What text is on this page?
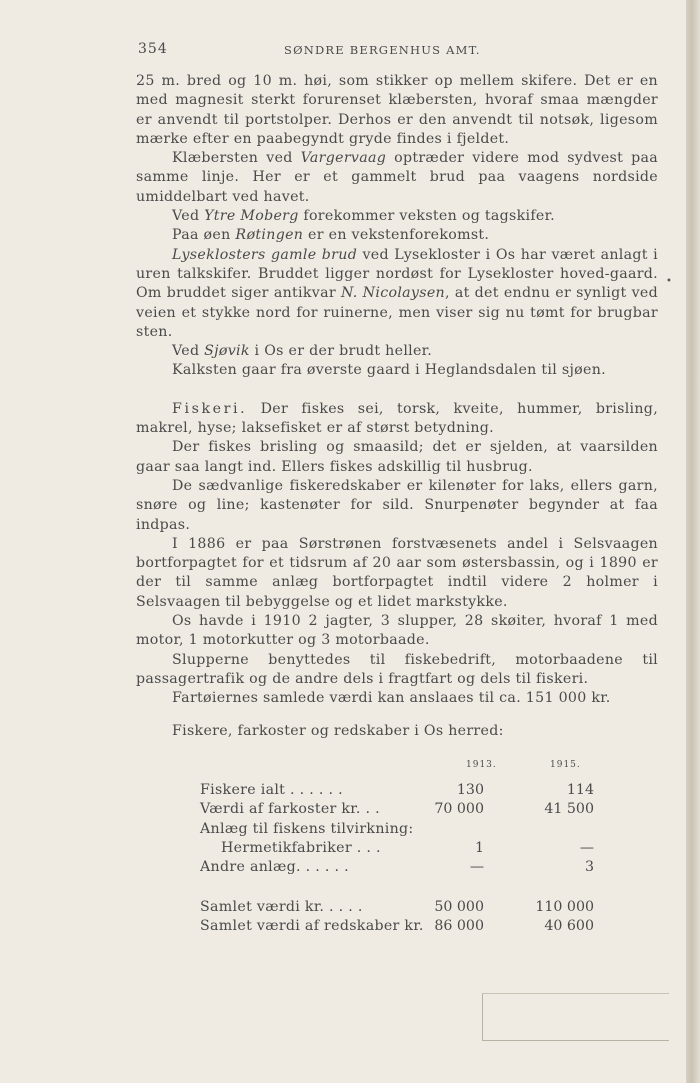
354	SØNDRE BERGENHUS AMT.

25 m. bred og 10 m. høi, som stikker op mellem skifere. Det er en med magnesit sterkt forurenset klæbersten, hvoraf smaa mængder er anvendt til portstolper. Derhos er den anvendt til notsøk, ligesom mærke efter en paabegyndt gryde findes i fjeldet.

Klæbersten ved Vargervaag optræder videre mod sydvest paa samme linje. Her er et gammelt brud paa vaagens nordside umiddelbart ved havet.

Ved Ytre Moberg forekommer veksten og tagskifer.

Paa øen Røtingen er en vekstenforekomst.

Lyseklosters gamle brud ved Lysekloster i Os har været anlagt i uren talkskifer. Bruddet ligger nordøst for Lysekloster hoved-gaard. Om bruddet siger antikvar N. Nicolaysen, at det endnu er synligt ved veien et stykke nord for ruinerne, men viser sig nu tømt for brugbar sten.

Ved Sjøvik i Os er der brudt heller.

Kalksten gaar fra øverste gaard i Heglandsdalen til sjøen.

Fiskeri. Der fiskes sei, torsk, kveite, hummer, brisling, makrel, hyse; laksefisket er af størst betydning.

Der fiskes brisling og smaasild; det er sjelden, at vaarsilden gaar saa langt ind. Ellers fiskes adskillig til husbrug.

De sædvanlige fiskeredskaber er kilenøter for laks, ellers garn, snøre og line; kastenøter for sild. Snurpenøter begynder at faa indpas.

I 1886 er paa Sørstrønen forstvæsenets andel i Selsvaagen bortforpagtet for et tidsrum af 20 aar som østersbassin, og i 1890 er der til samme anlæg bortforpagtet indtil videre 2 holmer i Selsvaagen til bebyggelse og et lidet markstykke.

Os havde i 1910 2 jagter, 3 slupper, 28 skøiter, hvoraf 1 med motor, 1 motorkutter og 3 motorbaade.

Slupperne benyttedes til fiskebedrift, motorbaadene til passagertrafik og de andre dels i fragtfart og dels til fiskeri.

Fartøiernes samlede værdi kan anslaaes til ca. 151 000 kr.

Fiskere, farkoster og redskaber i Os herred:
1913.	1915.
Fiskere ialt . . . . . .	130	114
Værdi af farkoster kr. . .	70 000	41 500
Anlæg til fiskens tilvirkning:
Hermetikfabriker . . .	1	—
Andre anlæg. . . . . .	—	3
Samlet værdi kr. . . . .	50 000	110 000
Samlet værdi af redskaber kr. 86 000	40 600
•
